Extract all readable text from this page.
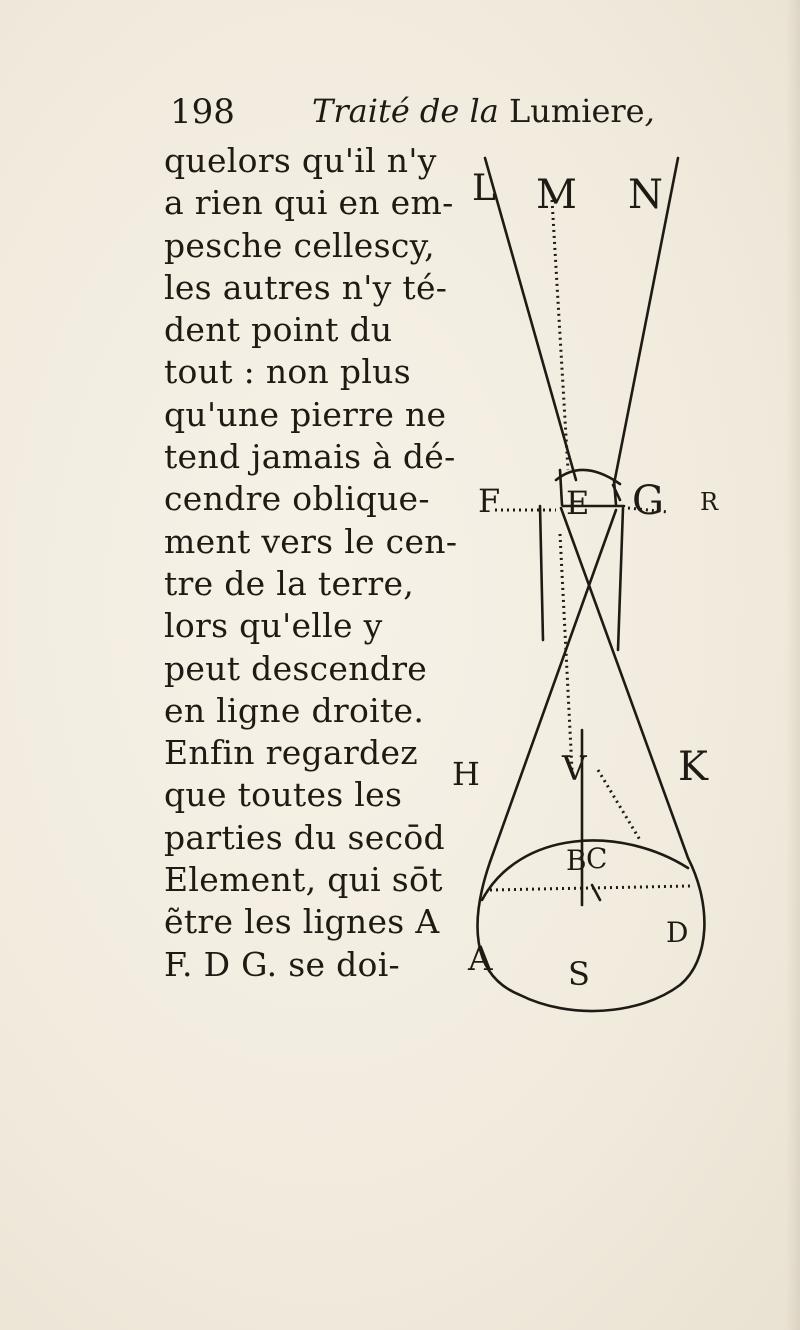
198 Traité de la Lumiere,
quelors qu'il n'y
a rien qui en em-
pesche cellescy,
les autres n'y té-
dent point du
tout : non plus
qu'une pierre ne
tend jamais à dé-
cendre oblique-
ment vers le cen-
tre de la terre,
lors qu'elle y
peut descendre
en ligne droite.
Enfin regardez
que toutes les
parties du secōd
Element, qui sōt
ẽtre les lignes A
F. D G. se doi-
L M N
F E G R
H V K
B C
D
A S
